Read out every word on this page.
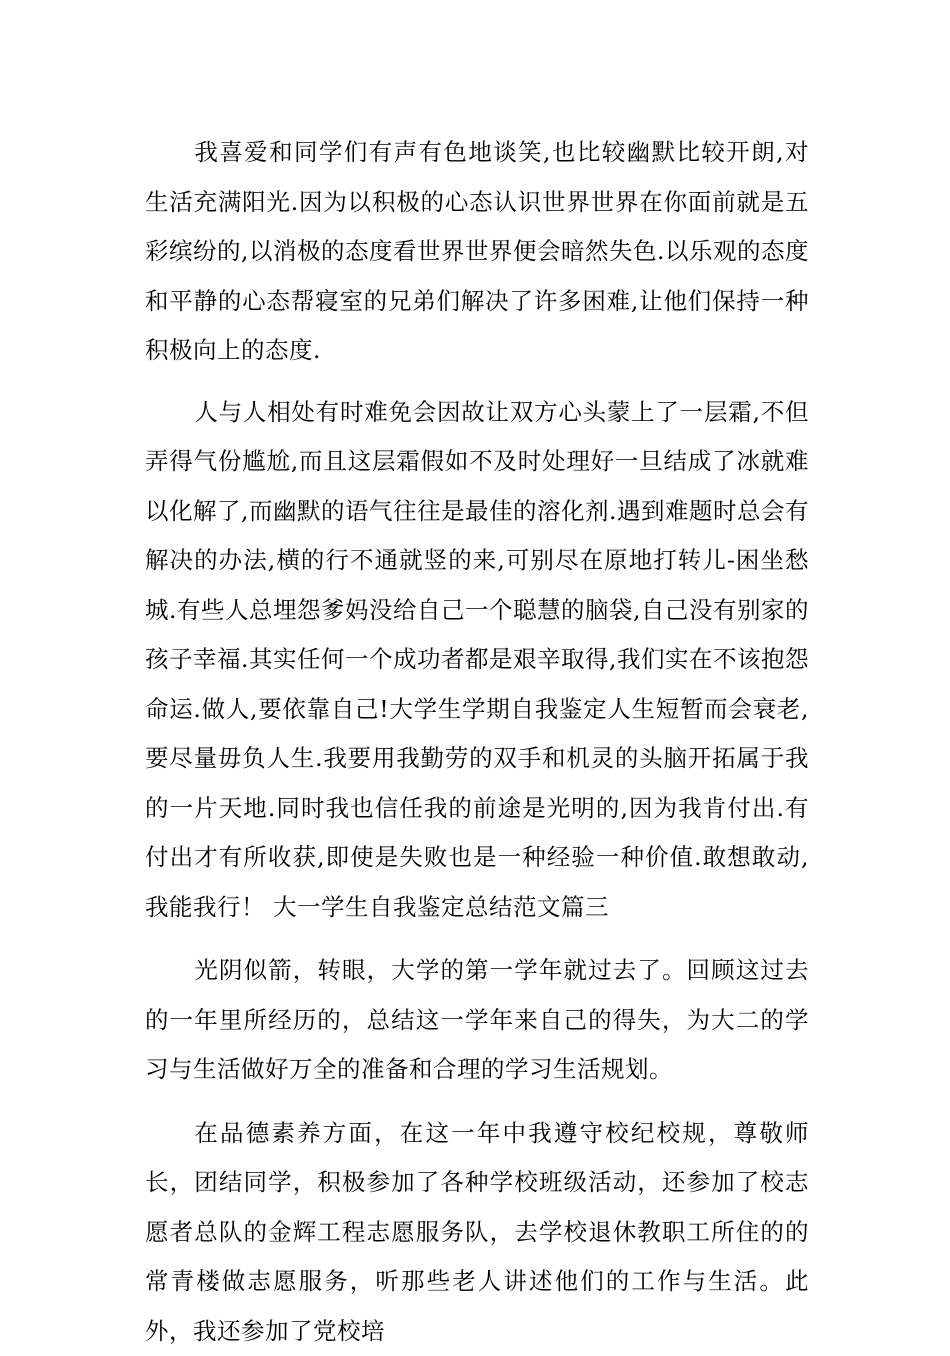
我喜爱和同学们有声有色地谈笑,也比较幽默比较开朗,对生活充满阳光.因为以积极的心态认识世界世界在你面前就是五彩缤纷的,以消极的态度看世界世界便会暗然失色.以乐观的态度和平静的心态帮寝室的兄弟们解决了许多困难,让他们保持一种积极向上的态度.

人与人相处有时难免会因故让双方心头蒙上了一层霜,不但弄得气份尴尬,而且这层霜假如不及时处理好一旦结成了冰就难以化解了,而幽默的语气往往是最佳的溶化剂.遇到难题时总会有解决的办法,横的行不通就竖的来,可别尽在原地打转儿-困坐愁城.有些人总埋怨爹妈没给自己一个聪慧的脑袋,自己没有别家的孩子幸福.其实任何一个成功者都是艰辛取得,我们实在不该抱怨命运.做人,要依靠自己!大学生学期自我鉴定人生短暂而会衰老,要尽量毋负人生.我要用我勤劳的双手和机灵的头脑开拓属于我的一片天地.同时我也信任我的前途是光明的,因为我肯付出.有付出才有所收获,即使是失败也是一种经验一种价值.敢想敢动,我能我行！ 大一学生自我鉴定总结范文篇三

光阴似箭，转眼，大学的第一学年就过去了。回顾这过去的一年里所经历的，总结这一学年来自己的得失，为大二的学习与生活做好万全的准备和合理的学习生活规划。

在品德素养方面，在这一年中我遵守校纪校规，尊敬师长，团结同学，积极参加了各种学校班级活动，还参加了校志愿者总队的金辉工程志愿服务队，去学校退休教职工所住的的常青楼做志愿服务，听那些老人讲述他们的工作与生活。此外，我还参加了党校培
